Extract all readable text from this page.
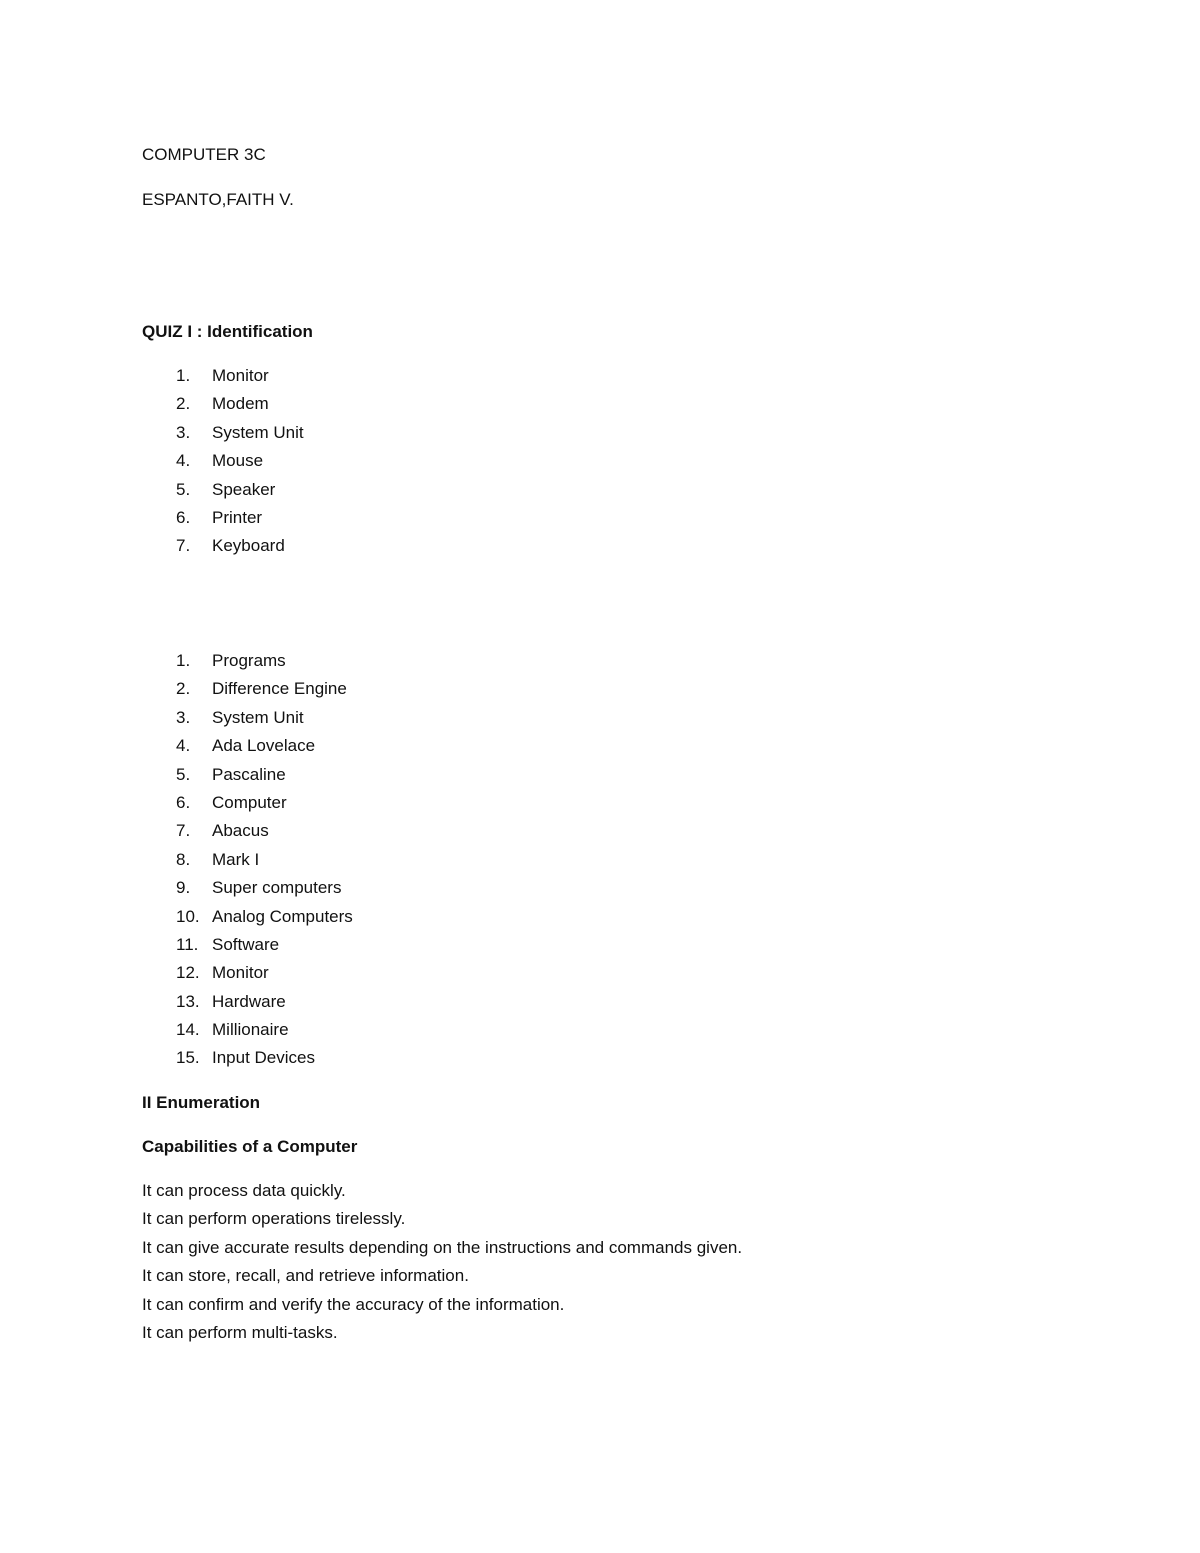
COMPUTER 3C
ESPANTO,FAITH V.
QUIZ I : Identification
1. Monitor
2. Modem
3. System Unit
4. Mouse
5. Speaker
6. Printer
7. Keyboard
1. Programs
2. Difference Engine
3. System Unit
4. Ada Lovelace
5. Pascaline
6. Computer
7. Abacus
8. Mark I
9. Super computers
10. Analog Computers
11. Software
12. Monitor
13. Hardware
14. Millionaire
15. Input Devices
II Enumeration
Capabilities of a Computer
It can process data quickly.
It can perform operations tirelessly.
It can give accurate results depending on the instructions and commands given.
It can store, recall, and retrieve information.
It can confirm and verify the accuracy of the information.
It can perform multi-tasks.
